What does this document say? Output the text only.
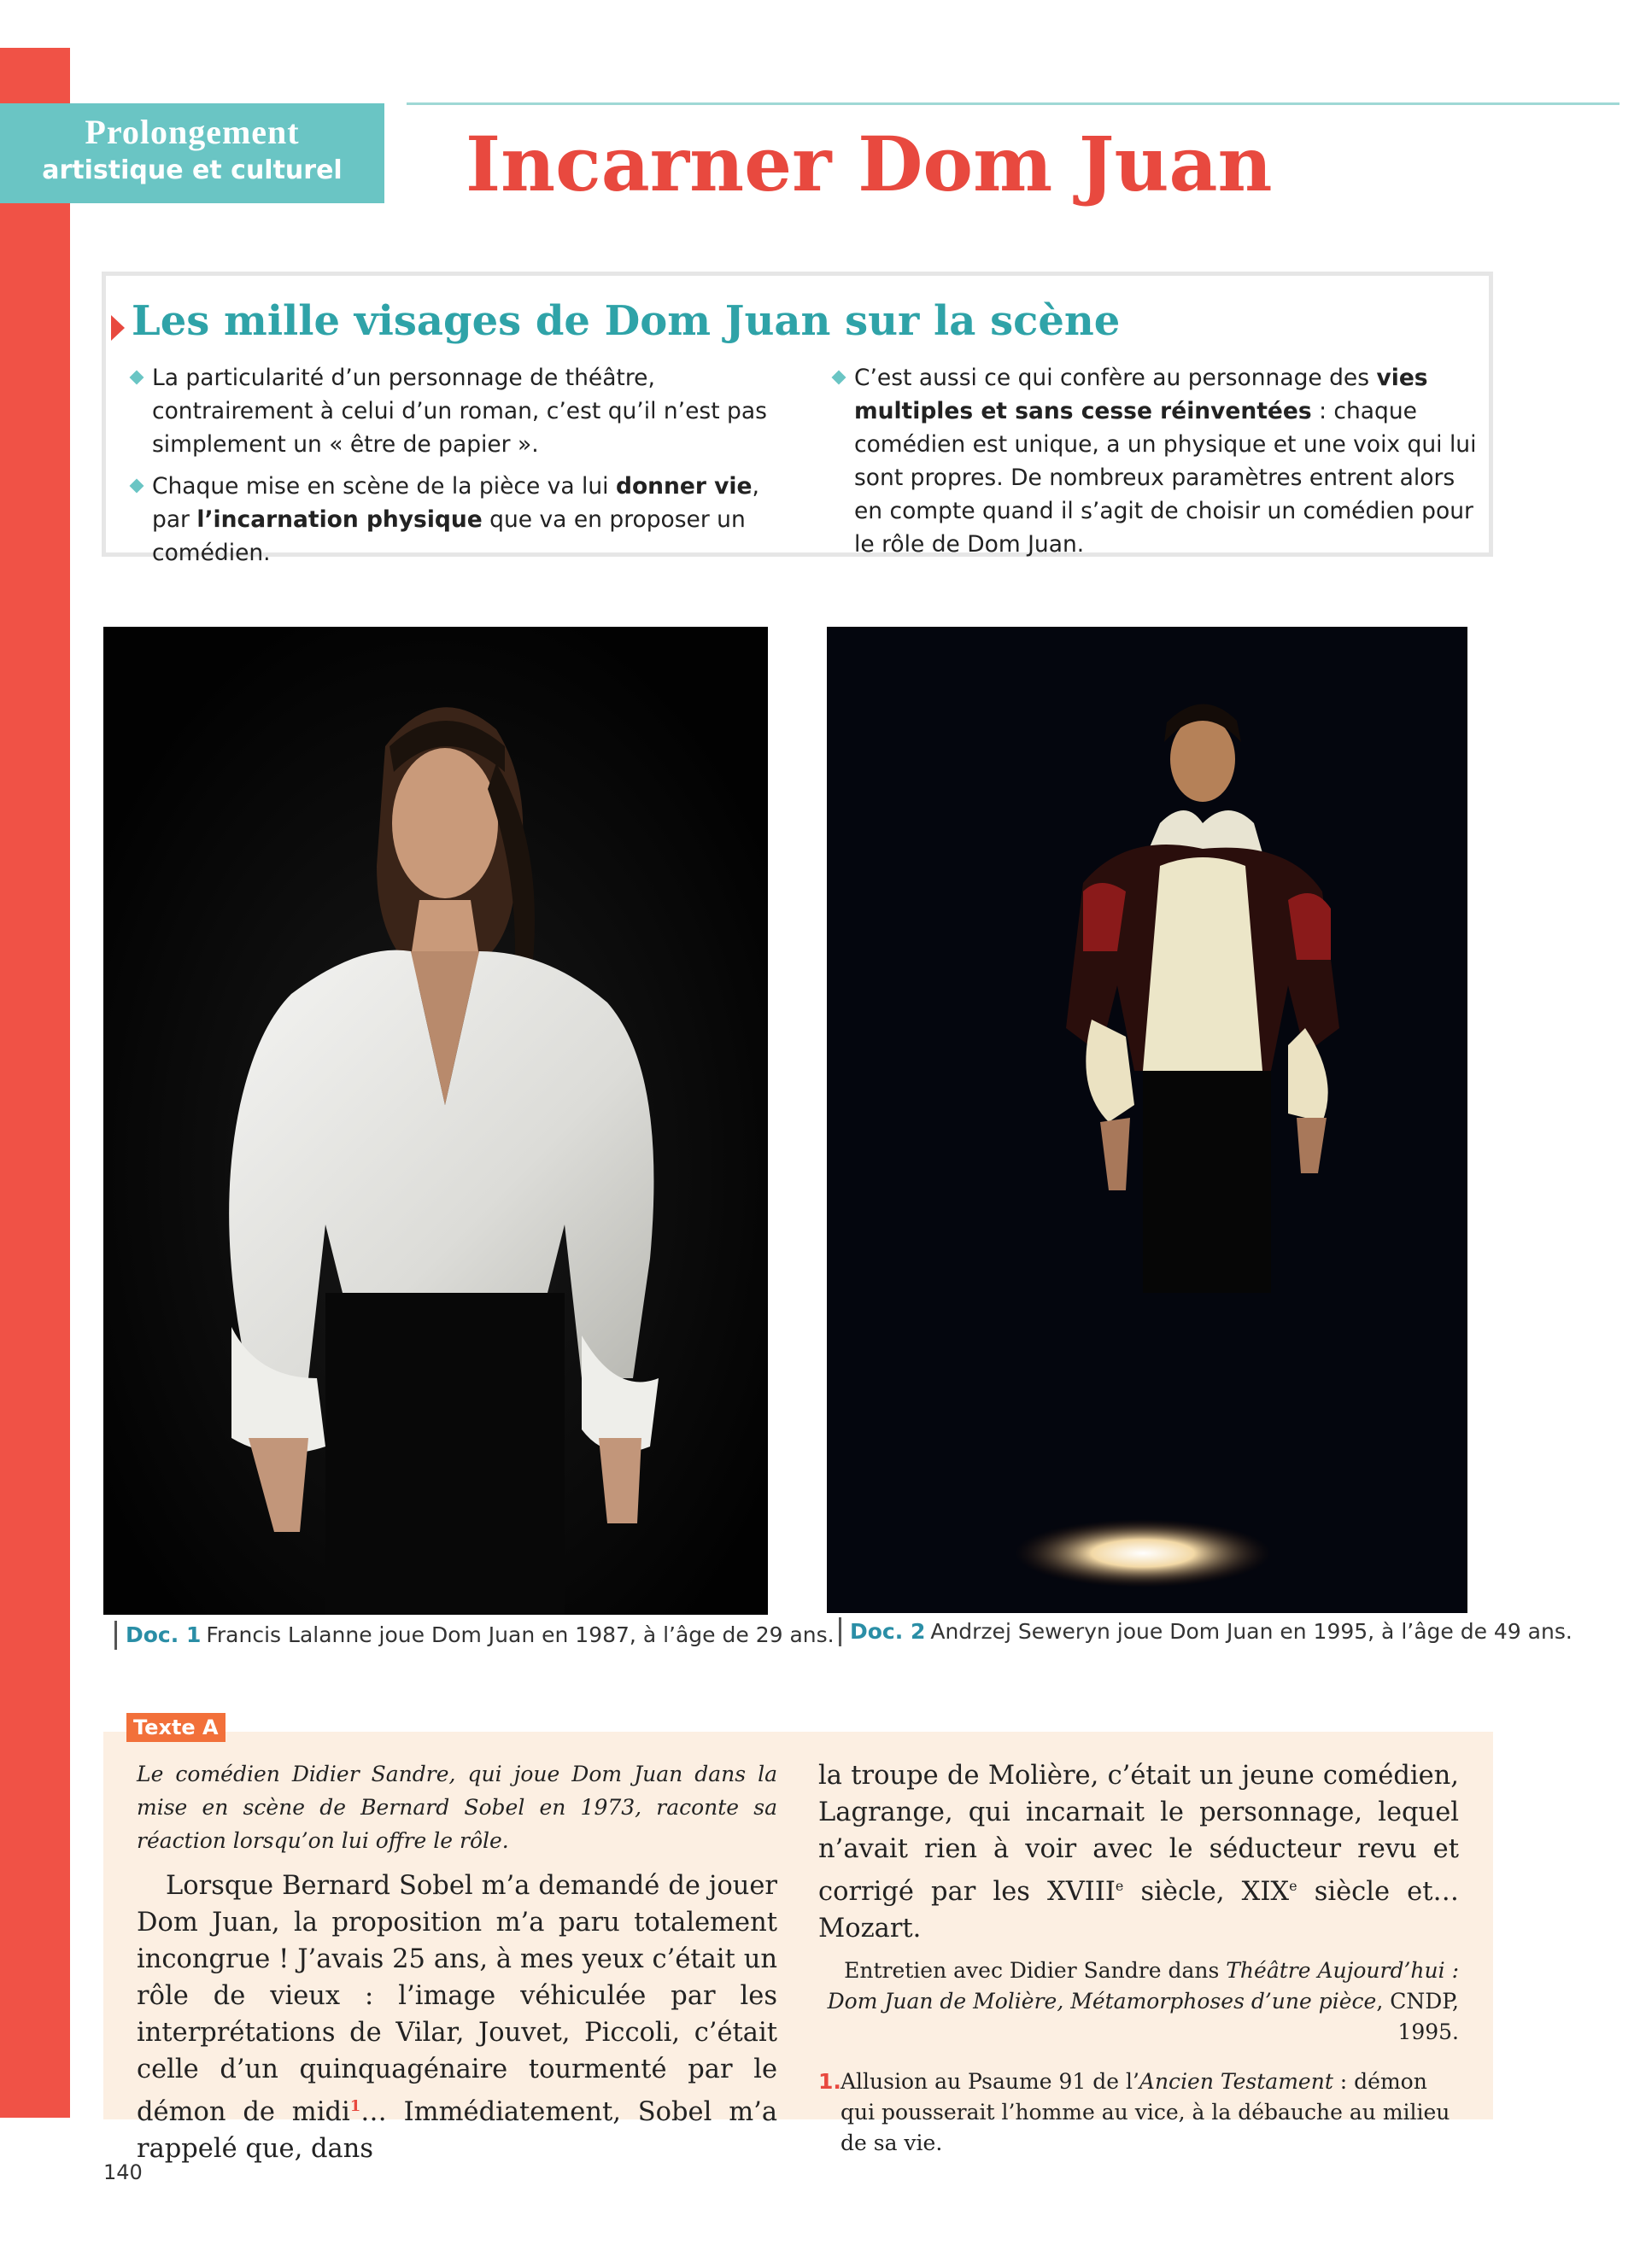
Prolongement
artistique et culturel	Incarner Dom Juan
Les mille visages de Dom Juan sur la scène

La particularité d’un personnage de théâtre, contrairement à celui d’un roman, c’est qu’il n’est pas simplement un « être de papier ».

Chaque mise en scène de la pièce va lui donner vie, par l’incarnation physique que va en proposer un comédien.

C’est aussi ce qui confère au personnage des vies multiples et sans cesse réinventées : chaque comédien est unique, a un physique et une voix qui lui sont propres. De nombreux paramètres entrent alors en compte quand il s’agit de choisir un comédien pour le rôle de Dom Juan.

Doc. 1 Francis Lalanne joue Dom Juan en 1987, à l’âge de 29 ans. Doc. 2 Andrzej Seweryn joue Dom Juan en 1995, à l’âge de 49 ans.
Texte A

Le comédien Didier Sandre, qui joue Dom Juan dans la mise en scène de Bernard Sobel en 1973, raconte sa réaction lorsqu’on lui offre le rôle.

Lorsque Bernard Sobel m’a demandé de jouer Dom Juan, la proposition m’a paru totalement incongrue ! J’avais 25 ans, à mes yeux c’était un rôle de vieux : l’image véhiculée par les interprétations de Vilar, Jouvet, Piccoli, c’était celle d’un quinquagénaire tourmenté par le démon de midi$^1$… Immédiatement, Sobel m’a rappelé que, dans

la troupe de Molière, c’était un jeune comédien, Lagrange, qui incarnait le personnage, lequel n’avait rien à voir avec le séducteur revu et corrigé par les XVIIIe siècle, XIXe siècle et… Mozart.

Entretien avec Didier Sandre dans Théâtre Aujourd’hui : Dom Juan de Molière, Métamorphoses d’une pièce, CNDP, 1995.

1. Allusion au Psaume 91 de l’Ancien Testament : démon qui pousserait l’homme au vice, à la débauche au milieu de sa vie.

140
